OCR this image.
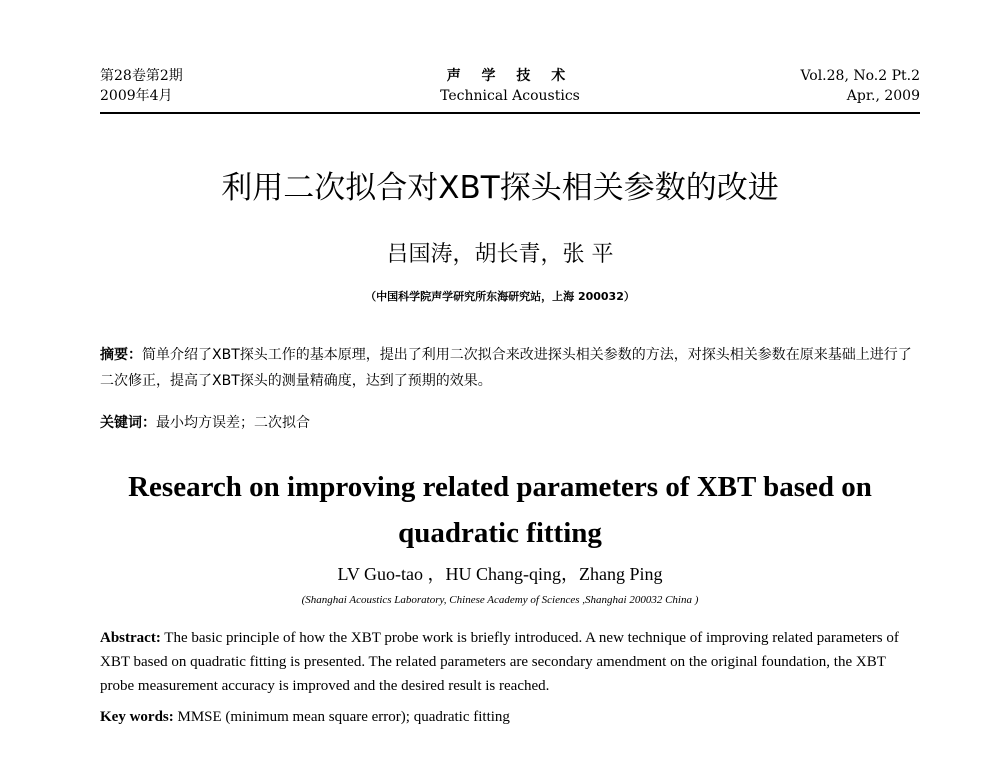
第28卷第2期
2009年4月
声 学 技 术
Technical Acoustics
Vol.28, No.2 Pt.2
Apr., 2009
利用二次拟合对XBT探头相关参数的改进
吕国涛，胡长青，张 平
（中国科学院声学研究所东海研究站，上海 200032）
摘要：简单介绍了XBT探头工作的基本原理，提出了利用二次拟合来改进探头相关参数的方法，对探头相关参数在原来基础上进行了二次修正，提高了XBT探头的测量精确度，达到了预期的效果。
关键词：最小均方误差；二次拟合
Research on improving related parameters of XBT based on
quadratic fitting
LV Guo-tao ，HU Chang-qing，Zhang Ping
(Shanghai Acoustics Laboratory, Chinese Academy of Sciences ,Shanghai 200032 China )
Abstract: The basic principle of how the XBT probe work is briefly introduced. A new technique of improving related parameters of XBT based on quadratic fitting is presented. The related parameters are secondary amendment on the original foundation, the XBT probe measurement accuracy is improved and the desired result is reached.
Key words: MMSE (minimum mean square error); quadratic fitting
